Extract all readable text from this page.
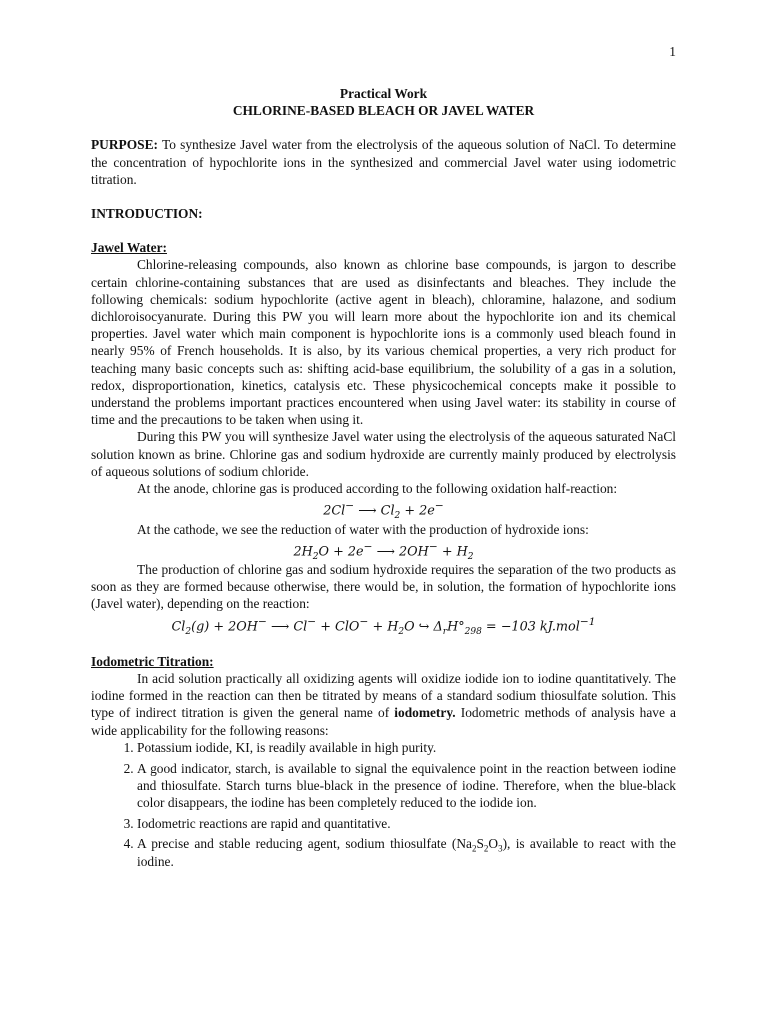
1
Practical Work
CHLORINE-BASED BLEACH OR JAVEL WATER

PURPOSE: To synthesize Javel water from the electrolysis of the aqueous solution of NaCl. To determine the concentration of hypochlorite ions in the synthesized and commercial Javel water using iodometric titration.

INTRODUCTION:
Jawel Water:

Chlorine-releasing compounds, also known as chlorine base compounds, is jargon to describe certain chlorine-containing substances that are used as disinfectants and bleaches. They include the following chemicals: sodium hypochlorite (active agent in bleach), chloramine, halazone, and sodium dichloroisocyanurate. During this PW you will learn more about the hypochlorite ion and its chemical properties. Javel water which main component is hypochlorite ions is a commonly used bleach found in nearly 95% of French households. It is also, by its various chemical properties, a very rich product for teaching many basic concepts such as: shifting acid-base equilibrium, the solubility of a gas in a solution, redox, disproportionation, kinetics, catalysis etc. These physicochemical concepts make it possible to understand the problems important practices encountered when using Javel water: its stability in course of time and the precautions to be taken when using it.

During this PW you will synthesize Javel water using the electrolysis of the aqueous saturated NaCl solution known as brine. Chlorine gas and sodium hydroxide are currently mainly produced by electrolysis of aqueous solutions of sodium chloride.

At the anode, chlorine gas is produced according to the following oxidation half-reaction:

2Cl− ⟶ $Cl_2 + 2e^-$

At the cathode, we see the reduction of water with the production of hydroxide ions:

$2H_2O + 2e^-$ ⟶ $2OH^- + H_2$

The production of chlorine gas and sodium hydroxide requires the separation of the two products as soon as they are formed because otherwise, there would be, in solution, the formation of hypochlorite ions (Javel water), depending on the reaction:

$Cl_2(g) + 2OH^-$ ⟶ $Cl^- + ClO^- + H_2O$ ↪ $\Delta_rH^\circ_{298} = -103$ kJ.mol$^{-1}$
Iodometric Titration:

In acid solution practically all oxidizing agents will oxidize iodide ion to iodine quantitatively. The iodine formed in the reaction can then be titrated by means of a standard sodium thiosulfate solution. This type of indirect titration is given the general name of iodometry. Iodometric methods of analysis have a wide applicability for the following reasons:

1. Potassium iodide, KI, is readily available in high purity.
2. A good indicator, starch, is available to signal the equivalence point in the reaction between iodine and thiosulfate. Starch turns blue-black in the presence of iodine. Therefore, when the blue-black color disappears, the iodine has been completely reduced to the iodide ion.
3. Iodometric reactions are rapid and quantitative.
4. A precise and stable reducing agent, sodium thiosulfate $(Na_2S_2O_3)$, is available to react with the iodine.
